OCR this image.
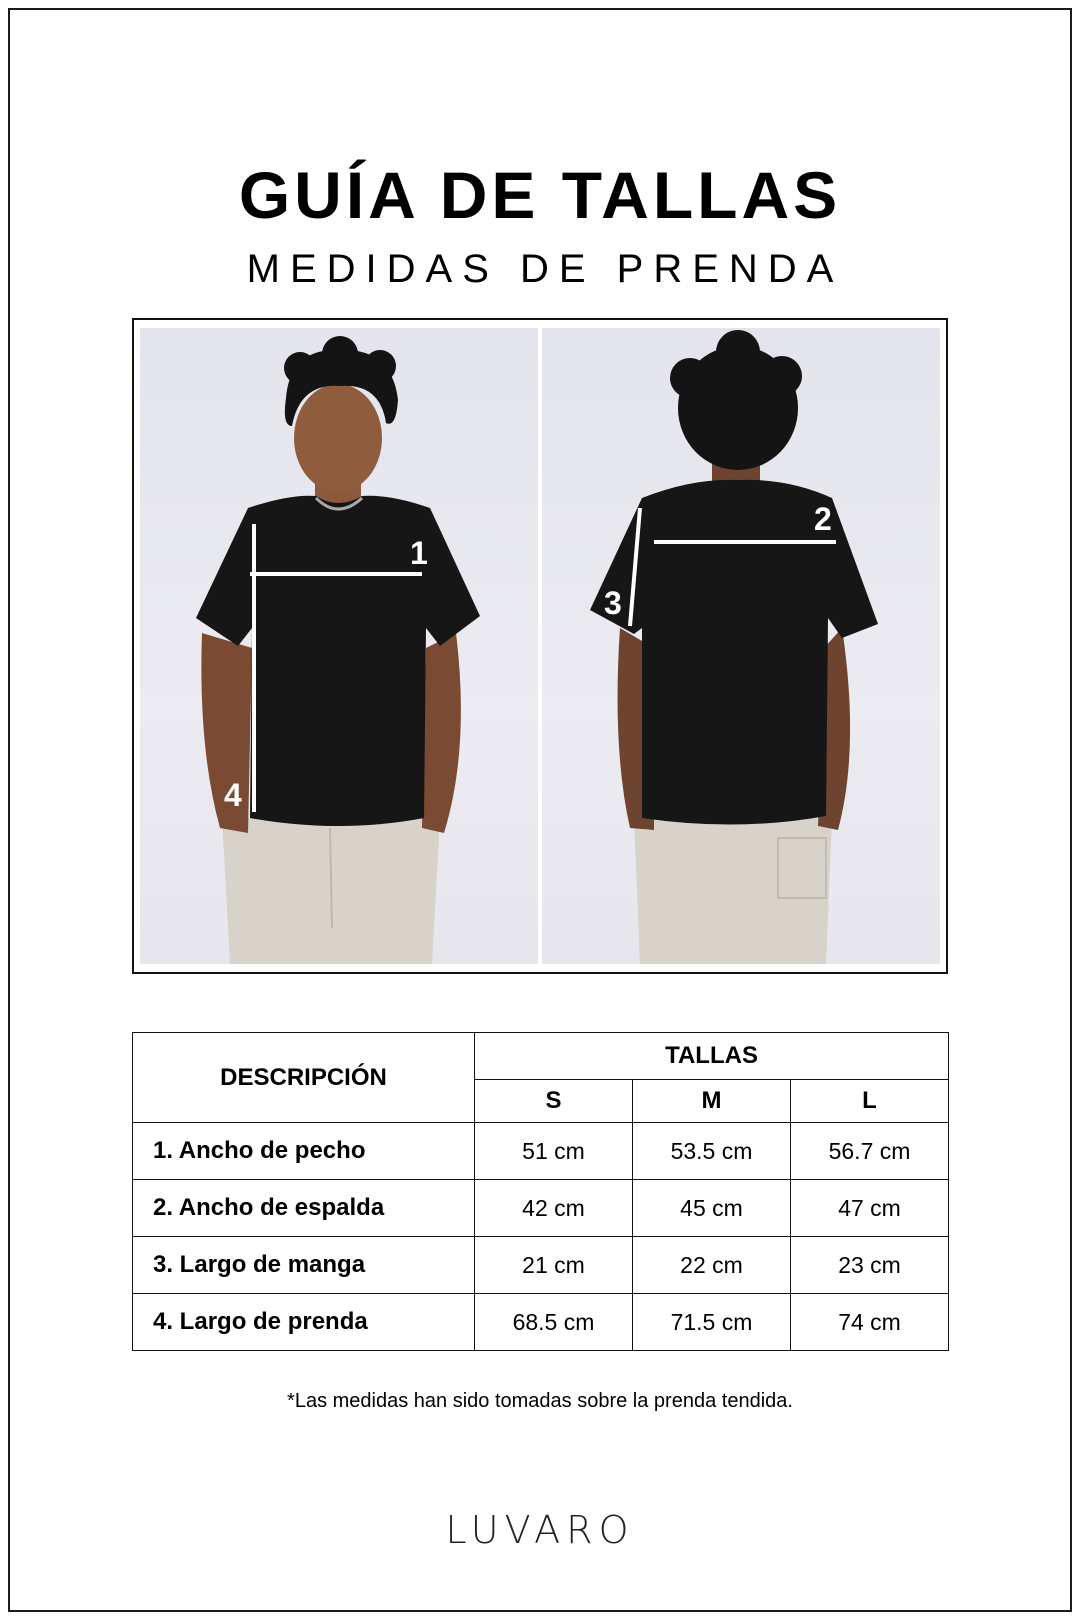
GUÍA DE TALLAS
MEDIDAS DE PRENDA
1
4
2
3
DESCRIPCIÓN	TALLAS		
	S	M	L
1. Ancho de pecho	51 cm	53.5 cm	56.7 cm
2. Ancho de espalda	42 cm	45 cm	47 cm
3. Largo de manga	21 cm	22 cm	23 cm
4. Largo de prenda	68.5 cm	71.5 cm	74 cm
*Las medidas han sido tomadas sobre la prenda tendida.
LUVARO
